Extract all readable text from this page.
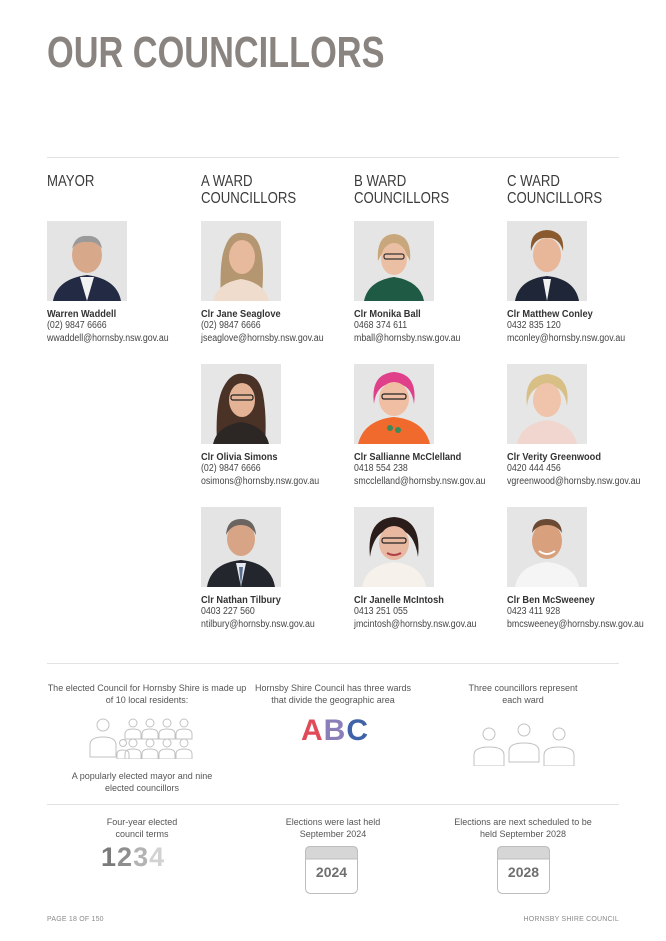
OUR COUNCILLORS
MAYOR	A WARD
COUNCILLORS
B WARD
COUNCILLORS
C WARD
COUNCILLORS
Warren Waddell
(02) 9847 6666
wwaddell@hornsby.nsw.gov.au
Clr Jane Seaglove
(02) 9847 6666
jseaglove@hornsby.nsw.gov.au
Clr Monika Ball
0468 374 611
mball@hornsby.nsw.gov.au
Clr Matthew Conley
0432 835 120
mconley@hornsby.nsw.gov.au
Clr Olivia Simons
(02) 9847 6666
osimons@hornsby.nsw.gov.au
Clr Sallianne McClelland
0418 554 238
smcclelland@hornsby.nsw.gov.au
Clr Verity Greenwood
0420 444 456
vgreenwood@hornsby.nsw.gov.au
Clr Nathan Tilbury
0403 227 560
ntilbury@hornsby.nsw.gov.au
Clr Janelle McIntosh
0413 251 055
jmcintosh@hornsby.nsw.gov.au
Clr Ben McSweeney
0423 411 928
bmcsweeney@hornsby.nsw.gov.au
The elected Council for Hornsby Shire is made up of 10 local residents:
A popularly elected mayor and nine elected councillors
Hornsby Shire Council has three wards that divide the geographic area
ABC
Three councillors represent each ward
Four-year elected council terms
1234
Elections were last held September 2024
2024
Elections are next scheduled to be held September 2028
2028
PAGE 18 OF 150	HORNSBY SHIRE COUNCIL
